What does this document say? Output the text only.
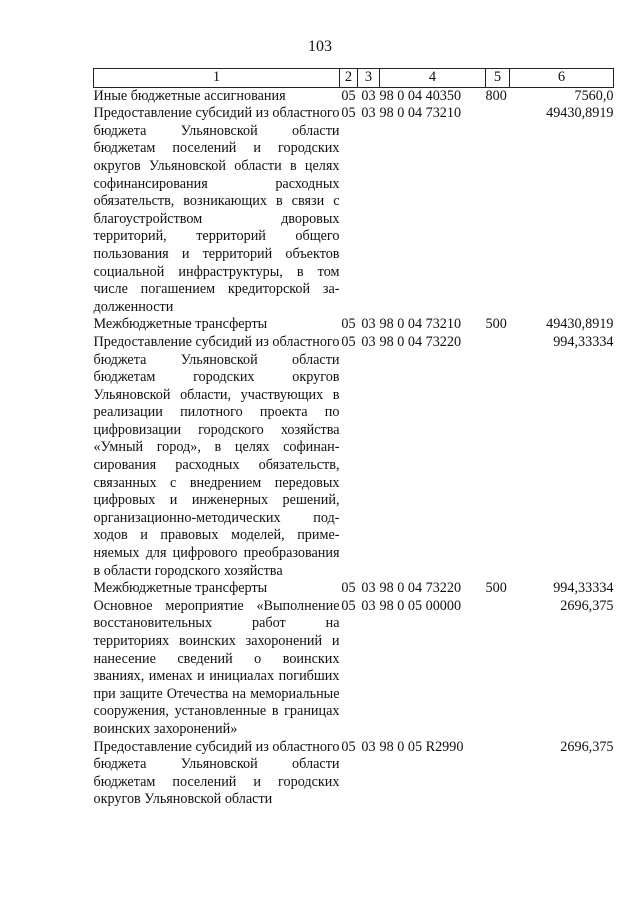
103
1	2	3	4	5	6
Иные бюджетные ассигнования	05	03	98 0 04 40350	800	7560,0
Предоставление субсидий из областного бюджета Ульяновской области бюджетам поселений и городских округов Ульяновской области в целях софинансирования расходных обязательств, возникающих в связи с благоустройством дворовых территорий, территорий общего пользования и территорий объектов социальной инфраструктуры, в том числе погашением кредиторской задолженности	05	03	98 0 04 73210		49430,8919
Межбюджетные трансферты	05	03	98 0 04 73210	500	49430,8919
Предоставление субсидий из областного бюджета Ульяновской области бюджетам городских округов Ульяновской области, участвующих в реализации пилотного проекта по цифровизации городского хозяйства «Умный город», в целях софинансирования расходных обязательств, связанных с внедрением передовых цифровых и инженерных решений, организационно-методических подходов и правовых моделей, применяемых для цифрового преобразования в области городского хозяйства	05	03	98 0 04 73220		994,33334
Межбюджетные трансферты	05	03	98 0 04 73220	500	994,33334
Основное мероприятие «Выполнение восстановительных работ на территориях воинских захоронений и нанесение сведений о воинских званиях, именах и инициалах погибших при защите Отечества на мемориальные сооружения, установленные в границах воинских захоронений»	05	03	98 0 05 00000		2696,375
Предоставление субсидий из областного бюджета Ульяновской области бюджетам поселений и городских округов Ульяновской области	05	03	98 0 05 R2990		2696,375
